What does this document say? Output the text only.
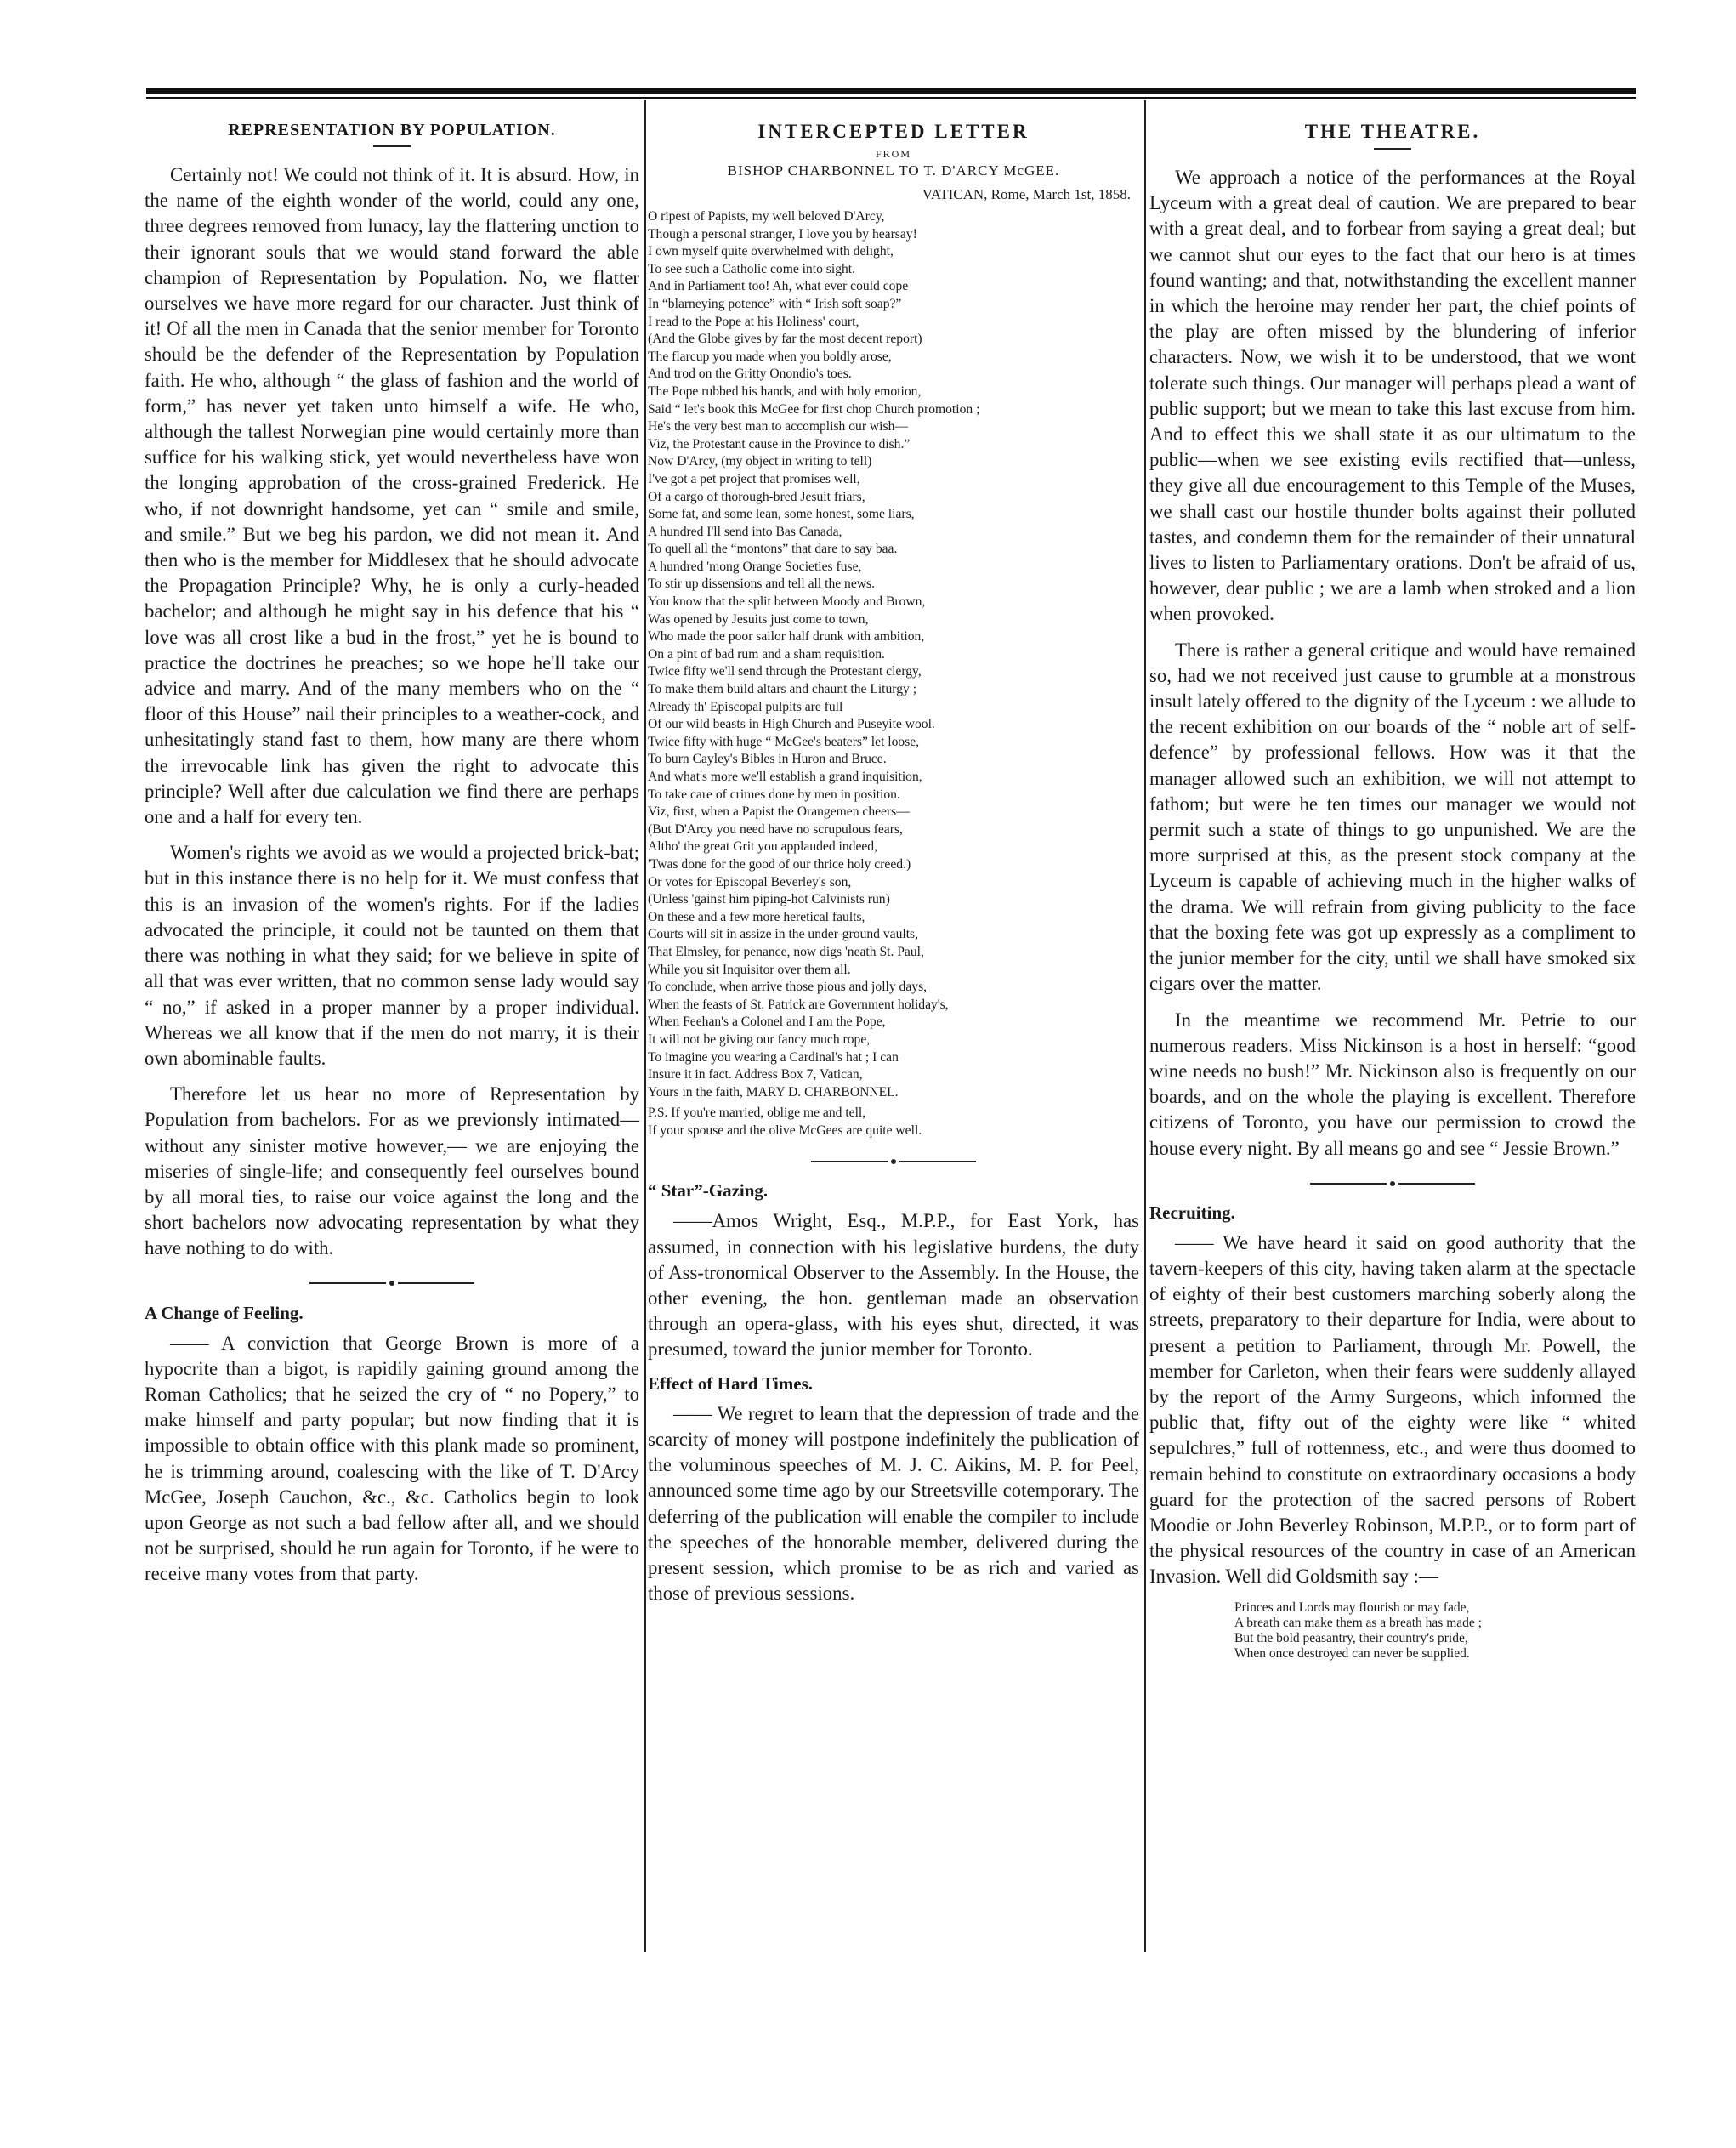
REPRESENTATION BY POPULATION.

Certainly not! We could not think of it. It is absurd. How, in the name of the eighth wonder of the world, could any one, three degrees removed from lunacy, lay the flattering unction to their ignorant souls that we would stand forward the able champion of Representation by Population. No, we flatter ourselves we have more regard for our character. Just think of it! Of all the men in Canada that the senior member for Toronto should be the defender of the Representation by Population faith. He who, although “ the glass of fashion and the world of form,” has never yet taken unto himself a wife. He who, although the tallest Norwegian pine would certainly more than suffice for his walking stick, yet would nevertheless have won the longing approbation of the cross-grained Frederick. He who, if not downright handsome, yet can “ smile and smile, and smile.” But we beg his pardon, we did not mean it. And then who is the member for Middlesex that he should advocate the Propagation Principle? Why, he is only a curly-headed bachelor; and although he might say in his defence that his “ love was all crost like a bud in the frost,” yet he is bound to practice the doctrines he preaches; so we hope he'll take our advice and marry. And of the many members who on the “ floor of this House” nail their principles to a weather-cock, and unhesitatingly stand fast to them, how many are there whom the irrevocable link has given the right to advocate this principle? Well after due calculation we find there are perhaps one and a half for every ten.

Women's rights we avoid as we would a projected brick-bat; but in this instance there is no help for it. We must confess that this is an invasion of the women's rights. For if the ladies advocated the principle, it could not be taunted on them that there was nothing in what they said; for we believe in spite of all that was ever written, that no common sense lady would say “ no,” if asked in a proper manner by a proper individual. Whereas we all know that if the men do not marry, it is their own abominable faults.

Therefore let us hear no more of Representation by Population from bachelors. For as we previonsly intimated—without any sinister motive however,— we are enjoying the miseries of single-life; and consequently feel ourselves bound by all moral ties, to raise our voice against the long and the short bachelors now advocating representation by what they have nothing to do with.

A Change of Feeling.

—— A conviction that George Brown is more of a hypocrite than a bigot, is rapidily gaining ground among the Roman Catholics; that he seized the cry of “ no Popery,” to make himself and party popular; but now finding that it is impossible to obtain office with this plank made so prominent, he is trimming around, coalescing with the like of T. D'Arcy McGee, Joseph Cauchon, &c., &c. Catholics begin to look upon George as not such a bad fellow after all, and we should not be surprised, should he run again for Toronto, if he were to receive many votes from that party.

INTERCEPTED LETTER
FROM
BISHOP CHARBONNEL TO T. D'ARCY McGEE.
VATICAN, Rome, March 1st, 1858.
O ripest of Papists, my well beloved D'Arcy,
Though a personal stranger, I love you by hearsay!
I own myself quite overwhelmed with delight,
To see such a Catholic come into sight.
And in Parliament too! Ah, what ever could cope
In “blarneying potence” with “ Irish soft soap?”
I read to the Pope at his Holiness' court,
(And the Globe gives by far the most decent report)
The flarcup you made when you boldly arose,
And trod on the Gritty Onondio's toes.
The Pope rubbed his hands, and with holy emotion,
Said “ let's book this McGee for first chop Church promotion ;
He's the very best man to accomplish our wish—
Viz, the Protestant cause in the Province to dish.”
Now D'Arcy, (my object in writing to tell)
I've got a pet project that promises well,
Of a cargo of thorough-bred Jesuit friars,
Some fat, and some lean, some honest, some liars,
A hundred I'll send into Bas Canada,
To quell all the “montons” that dare to say baa.
A hundred 'mong Orange Societies fuse,
To stir up dissensions and tell all the news.
You know that the split between Moody and Brown,
Was opened by Jesuits just come to town,
Who made the poor sailor half drunk with ambition,
On a pint of bad rum and a sham requisition.
Twice fifty we'll send through the Protestant clergy,
To make them build altars and chaunt the Liturgy ;
Already th' Episcopal pulpits are full
Of our wild beasts in High Church and Puseyite wool.
Twice fifty with huge “ McGee's beaters” let loose,
To burn Cayley's Bibles in Huron and Bruce.
And what's more we'll establish a grand inquisition,
To take care of crimes done by men in position.
Viz, first, when a Papist the Orangemen cheers—
(But D'Arcy you need have no scrupulous fears,
Altho' the great Grit you applauded indeed,
'Twas done for the good of our thrice holy creed.)
Or votes for Episcopal Beverley's son,
(Unless 'gainst him piping-hot Calvinists run)
On these and a few more heretical faults,
Courts will sit in assize in the under-ground vaults,
That Elmsley, for penance, now digs 'neath St. Paul,
While you sit Inquisitor over them all.
To conclude, when arrive those pious and jolly days,
When the feasts of St. Patrick are Government holiday's,
When Feehan's a Colonel and I am the Pope,
It will not be giving our fancy much rope,
To imagine you wearing a Cardinal's hat ; I can
Insure it in fact. Address Box 7, Vatican,
Yours in the faith, MARY D. CHARBONNEL.
P.S. If you're married, oblige me and tell,
If your spouse and the olive McGees are quite well.
“ Star”-Gazing.

——Amos Wright, Esq., M.P.P., for East York, has assumed, in connection with his legislative burdens, the duty of Ass-tronomical Observer to the Assembly. In the House, the other evening, the hon. gentleman made an observation through an opera-glass, with his eyes shut, directed, it was presumed, toward the junior member for Toronto.

Effect of Hard Times.

—— We regret to learn that the depression of trade and the scarcity of money will postpone indefinitely the publication of the voluminous speeches of M. J. C. Aikins, M. P. for Peel, announced some time ago by our Streetsville cotemporary. The deferring of the publication will enable the compiler to include the speeches of the honorable member, delivered during the present session, which promise to be as rich and varied as those of previous sessions.

THE THEATRE.

We approach a notice of the performances at the Royal Lyceum with a great deal of caution. We are prepared to bear with a great deal, and to forbear from saying a great deal; but we cannot shut our eyes to the fact that our hero is at times found wanting; and that, notwithstanding the excellent manner in which the heroine may render her part, the chief points of the play are often missed by the blundering of inferior characters. Now, we wish it to be understood, that we wont tolerate such things. Our manager will perhaps plead a want of public support; but we mean to take this last excuse from him. And to effect this we shall state it as our ultimatum to the public—when we see existing evils rectified that—unless, they give all due encouragement to this Temple of the Muses, we shall cast our hostile thunder bolts against their polluted tastes, and condemn them for the remainder of their unnatural lives to listen to Parliamentary orations. Don't be afraid of us, however, dear public ; we are a lamb when stroked and a lion when provoked.

There is rather a general critique and would have remained so, had we not received just cause to grumble at a monstrous insult lately offered to the dignity of the Lyceum : we allude to the recent exhibition on our boards of the “ noble art of self-defence” by professional fellows. How was it that the manager allowed such an exhibition, we will not attempt to fathom; but were he ten times our manager we would not permit such a state of things to go unpunished. We are the more surprised at this, as the present stock company at the Lyceum is capable of achieving much in the higher walks of the drama. We will refrain from giving publicity to the face that the boxing fete was got up expressly as a compliment to the junior member for the city, until we shall have smoked six cigars over the matter.

In the meantime we recommend Mr. Petrie to our numerous readers. Miss Nickinson is a host in herself: “good wine needs no bush!” Mr. Nickinson also is frequently on our boards, and on the whole the playing is excellent. Therefore citizens of Toronto, you have our permission to crowd the house every night. By all means go and see “ Jessie Brown.”

Recruiting.

—— We have heard it said on good authority that the tavern-keepers of this city, having taken alarm at the spectacle of eighty of their best customers marching soberly along the streets, preparatory to their departure for India, were about to present a petition to Parliament, through Mr. Powell, the member for Carleton, when their fears were suddenly allayed by the report of the Army Surgeons, which informed the public that, fifty out of the eighty were like “ whited sepulchres,” full of rottenness, etc., and were thus doomed to remain behind to constitute on extraordinary occasions a body guard for the protection of the sacred persons of Robert Moodie or John Beverley Robinson, M.P.P., or to form part of the physical resources of the country in case of an American Invasion. Well did Goldsmith say :—

Princes and Lords may flourish or may fade,
A breath can make them as a breath has made ;
But the bold peasantry, their country's pride,
When once destroyed can never be supplied.
